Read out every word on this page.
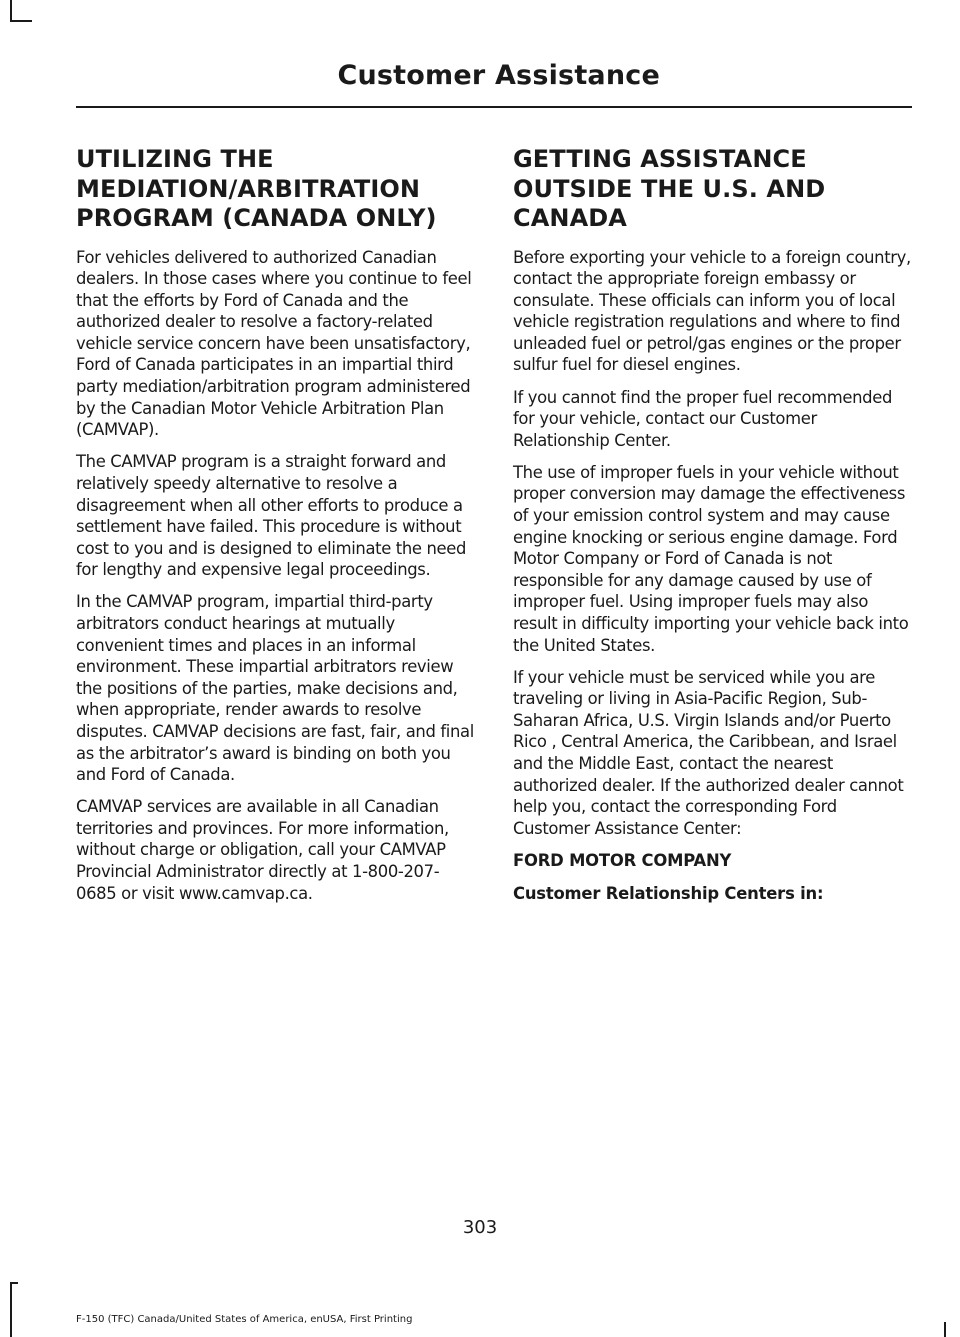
Customer Assistance
UTILIZING THE MEDIATION/ARBITRATION PROGRAM (CANADA ONLY)

For vehicles delivered to authorized Canadian dealers. In those cases where you continue to feel that the efforts by Ford of Canada and the authorized dealer to resolve a factory-related vehicle service concern have been unsatisfactory, Ford of Canada participates in an impartial third party mediation/arbitration program administered by the Canadian Motor Vehicle Arbitration Plan (CAMVAP).

The CAMVAP program is a straight forward and relatively speedy alternative to resolve a disagreement when all other efforts to produce a settlement have failed. This procedure is without cost to you and is designed to eliminate the need for lengthy and expensive legal proceedings.

In the CAMVAP program, impartial third-party arbitrators conduct hearings at mutually convenient times and places in an informal environment. These impartial arbitrators review the positions of the parties, make decisions and, when appropriate, render awards to resolve disputes. CAMVAP decisions are fast, fair, and final as the arbitrator’s award is binding on both you and Ford of Canada.

CAMVAP services are available in all Canadian territories and provinces. For more information, without charge or obligation, call your CAMVAP Provincial Administrator directly at 1-800-207-0685 or visit www.camvap.ca.

GETTING ASSISTANCE OUTSIDE THE U.S. AND CANADA

Before exporting your vehicle to a foreign country, contact the appropriate foreign embassy or consulate. These officials can inform you of local vehicle registration regulations and where to find unleaded fuel or petrol/gas engines or the proper sulfur fuel for diesel engines.

If you cannot find the proper fuel recommended for your vehicle, contact our Customer Relationship Center.

The use of improper fuels in your vehicle without proper conversion may damage the effectiveness of your emission control system and may cause engine knocking or serious engine damage. Ford Motor Company or Ford of Canada is not responsible for any damage caused by use of improper fuel. Using improper fuels may also result in difficulty importing your vehicle back into the United States.

If your vehicle must be serviced while you are traveling or living in Asia-Pacific Region, Sub-Saharan Africa, U.S. Virgin Islands and/or Puerto Rico , Central America, the Caribbean, and Israel and the Middle East, contact the nearest authorized dealer. If the authorized dealer cannot help you, contact the corresponding Ford Customer Assistance Center:

FORD MOTOR COMPANY

Customer Relationship Centers in:

303
F-150 (TFC) Canada/United States of America, enUSA, First Printing
